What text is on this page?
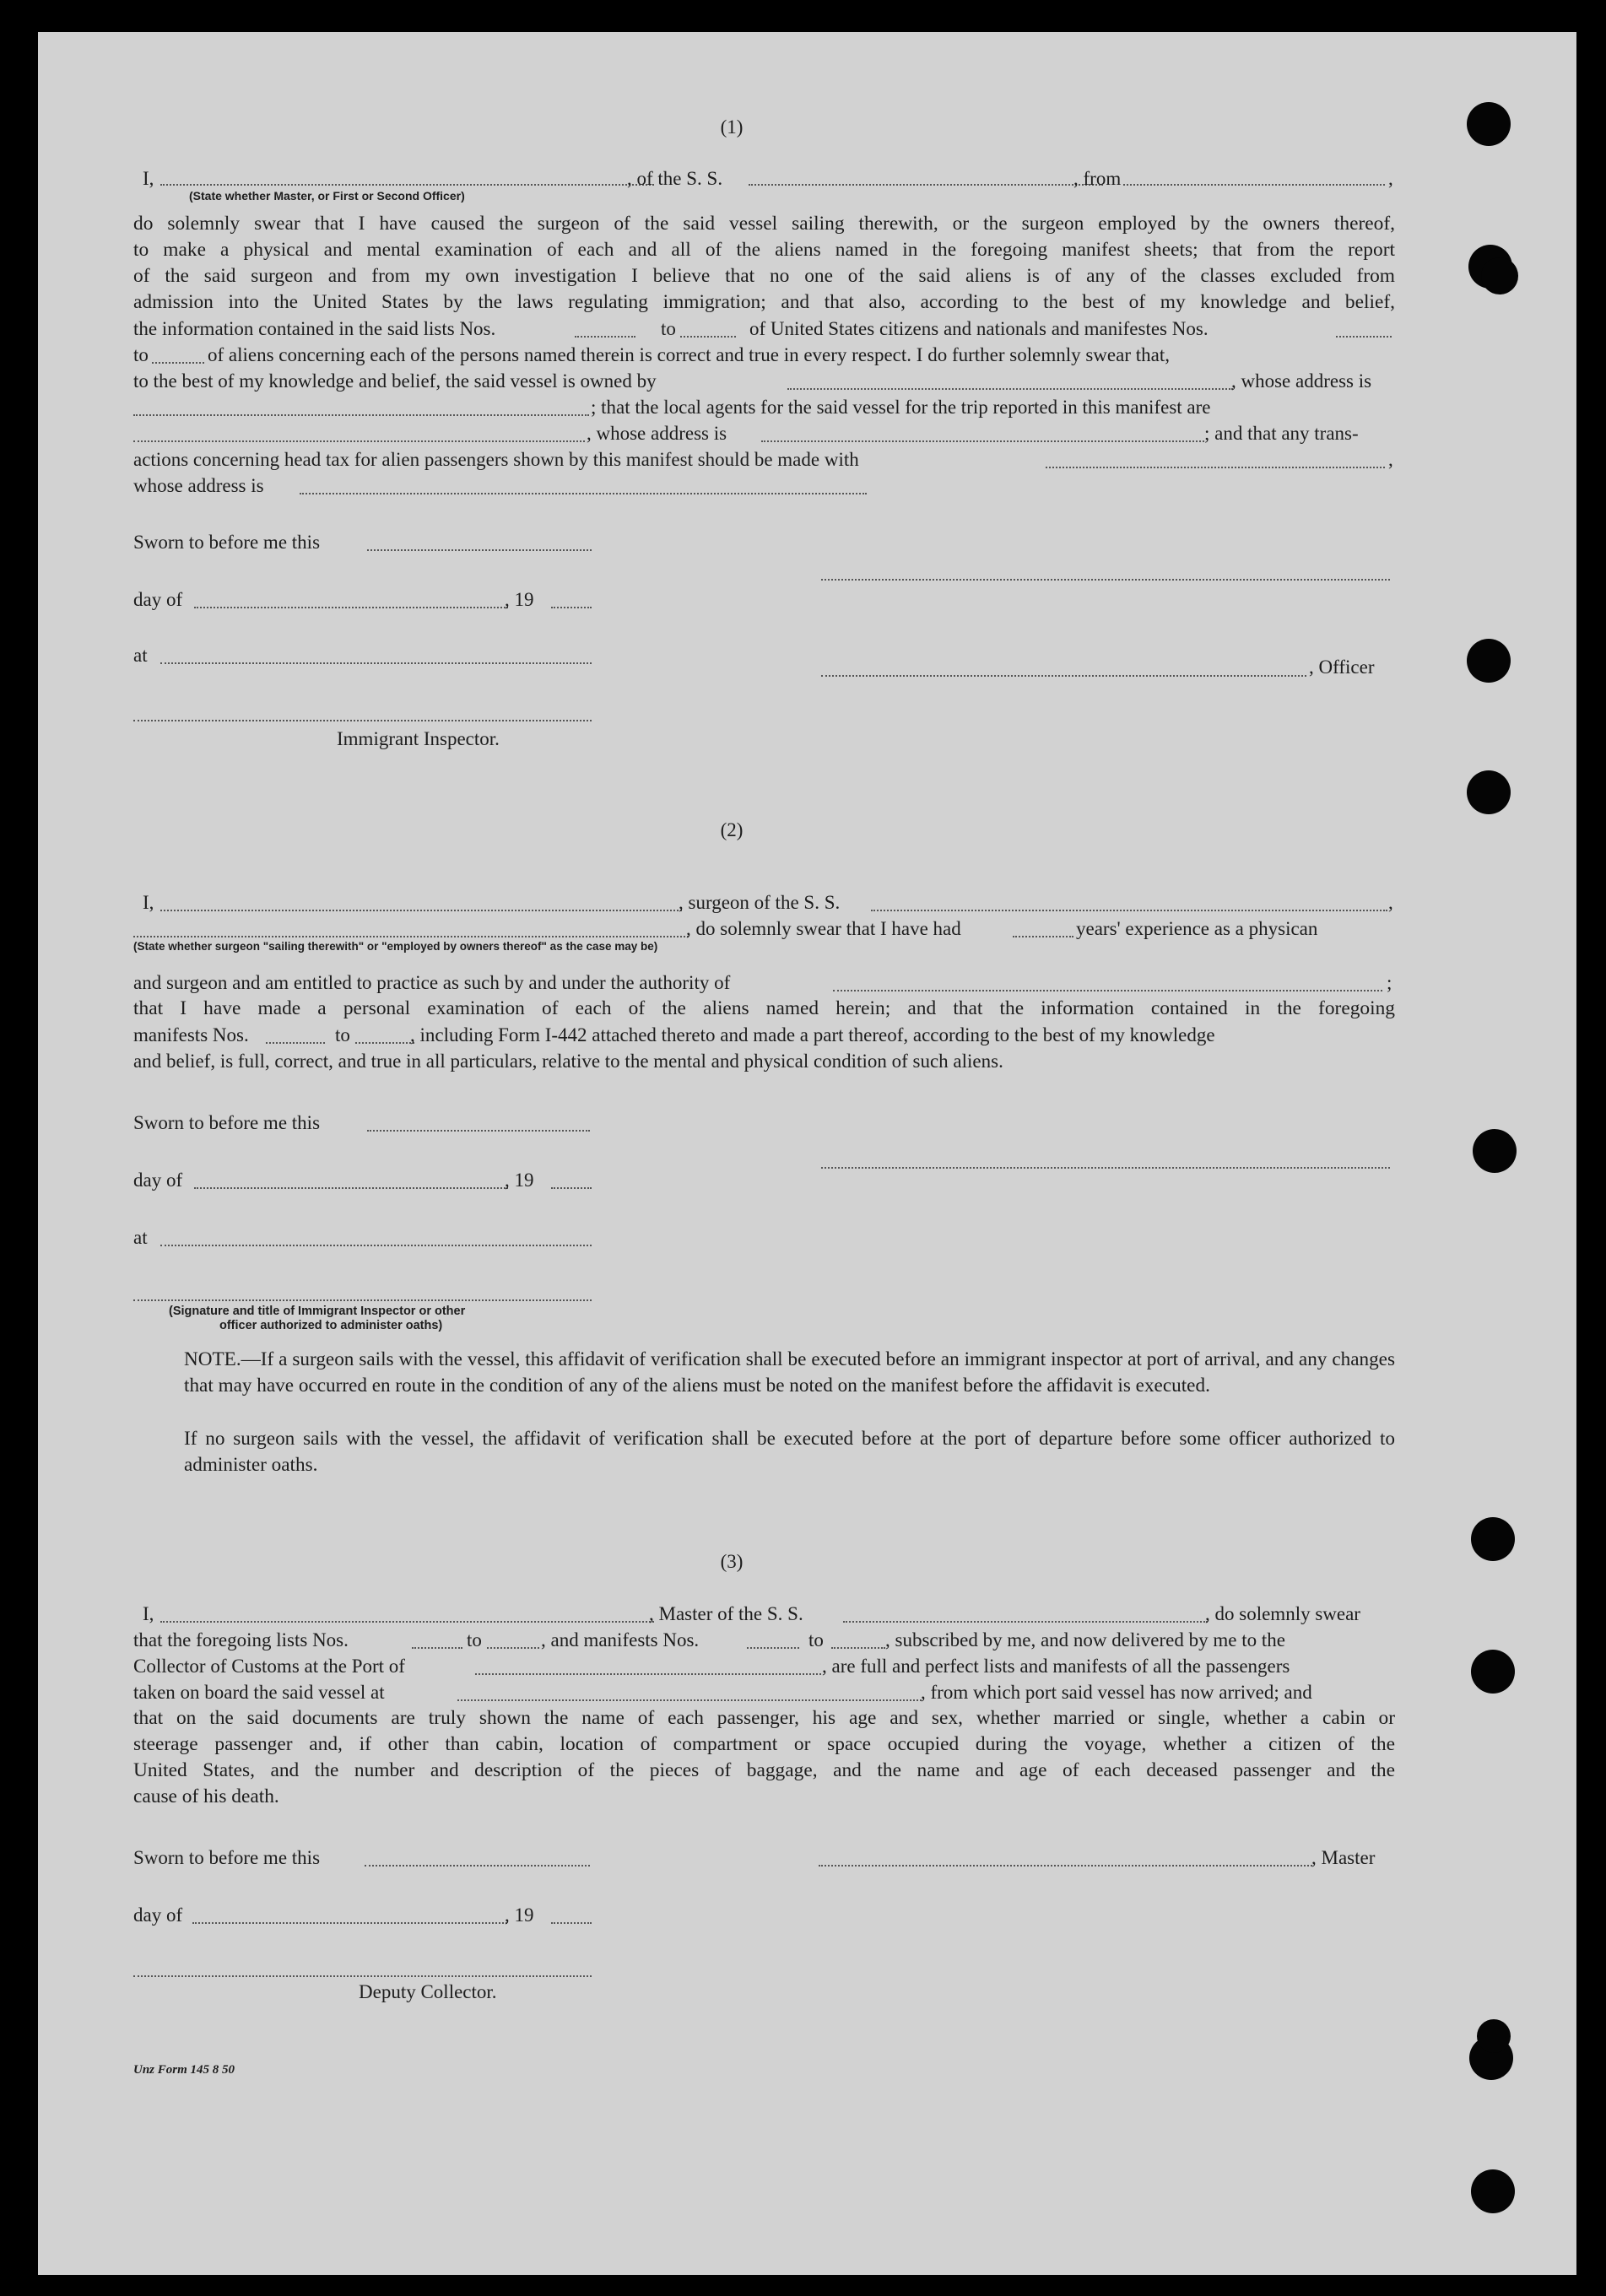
(1)
I,	, of the S. S.	, from	,
(State whether Master, or First or Second Officer)
do solemnly swear that I have caused the surgeon of the said vessel sailing therewith, or the surgeon employed by the owners thereof,
to make a physical and mental examination of each and all of the aliens named in the foregoing manifest sheets; that from the report
of the said surgeon and from my own investigation I believe that no one of the said aliens is of any of the classes excluded from
admission into the United States by the laws regulating immigration; and that also, according to the best of my knowledge and belief,
the information contained in the said lists Nos.	to	of United States citizens and nationals and manifestes Nos.
to	of aliens concerning each of the persons named therein is correct and true in every respect. I do further solemnly swear that,
to the best of my knowledge and belief, the said vessel is owned by	, whose address is
; that the local agents for the said vessel for the trip reported in this manifest are
, whose address is	; and that any trans-
actions concerning head tax for alien passengers shown by this manifest should be made with	,
whose address is
Sworn to before me this
day of	, 19
at
, Officer
Immigrant Inspector.
(2)
I,	, surgeon of the S. S.	,
, do solemnly swear that I have had	years' experience as a physican
(State whether surgeon "sailing therewith" or "employed by owners thereof" as the case may be)
and surgeon and am entitled to practice as such by and under the authority of	;
that I have made a personal examination of each of the aliens named herein; and that the information contained in the foregoing
manifests Nos.	to	, including Form I-442 attached thereto and made a part thereof, according to the best of my knowledge
and belief, is full, correct, and true in all particulars, relative to the mental and physical condition of such aliens.
Sworn to before me this
day of	, 19
at
(Signature and title of Immigrant Inspector or other
officer authorized to administer oaths)
NOTE.—If a surgeon sails with the vessel, this affidavit of verification shall be executed before an immigrant inspector at port of arrival, and any changes that may have occurred en route in the condition of any of the aliens must be noted on the manifest before the affidavit is executed.
If no surgeon sails with the vessel, the affidavit of verification shall be executed before at the port of departure before some officer authorized to administer oaths.
(3)
I,	, Master of the S. S.	, do solemnly swear
that the foregoing lists Nos.	to	, and manifests Nos.	to	, subscribed by me, and now delivered by me to the
Collector of Customs at the Port of	, are full and perfect lists and manifests of all the passengers
taken on board the said vessel at	, from which port said vessel has now arrived; and
that on the said documents are truly shown the name of each passenger, his age and sex, whether married or single, whether a cabin or
steerage passenger and, if other than cabin, location of compartment or space occupied during the voyage, whether a citizen of the
United States, and the number and description of the pieces of baggage, and the name and age of each deceased passenger and the
cause of his death.
Sworn to before me this	, Master
day of	, 19
Deputy Collector.
Unz Form 145 8 50
